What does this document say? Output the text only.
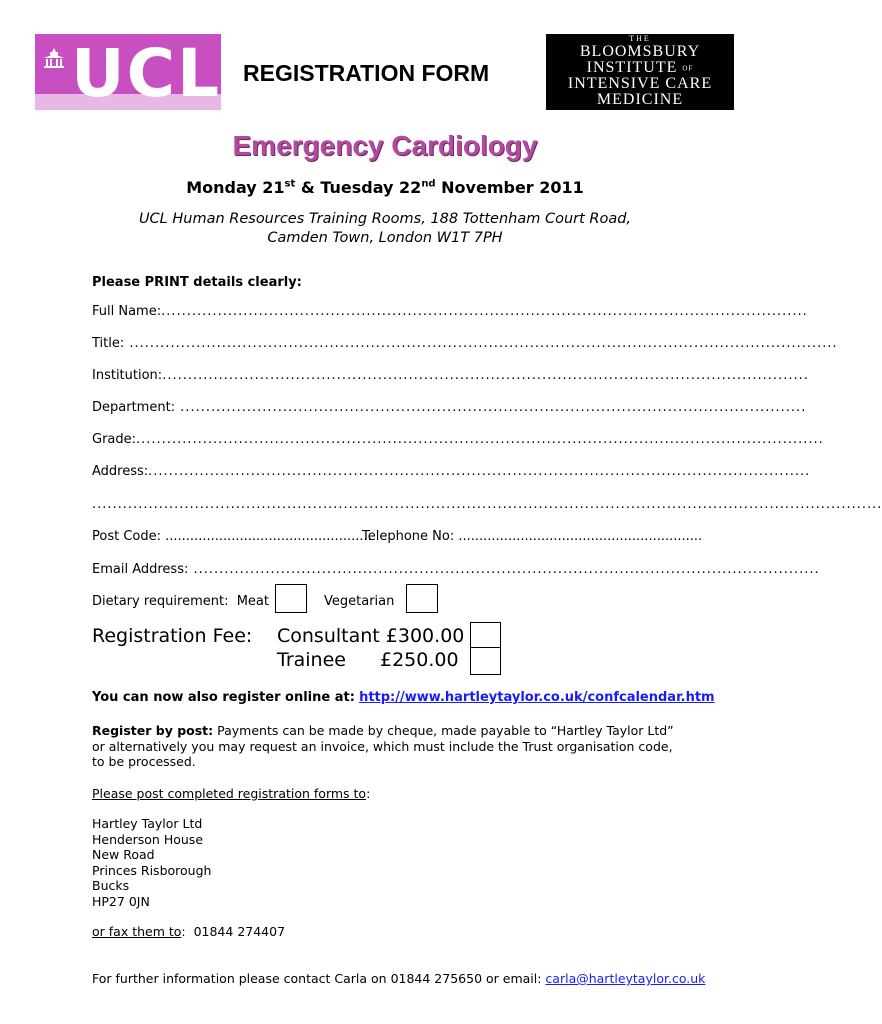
UCL REGISTRATION FORM
THE
BLOOMSBURY
INSTITUTE OF
INTENSIVE CARE
MEDICINE
Emergency Cardiology
Monday 21st & Tuesday 22nd November 2011
UCL Human Resources Training Rooms, 188 Tottenham Court Road,
Camden Town, London W1T 7PH
Please PRINT details clearly:
Full Name:..............................................................................................................................
Title: ..........................................................................................................................................
Institution:..............................................................................................................................
Department: ..........................................................................................................................
Grade:......................................................................................................................................
Address:.................................................................................................................................
..........................................................................................................................................................
Post Code: ..................................................
Telephone No: ...........................................................
Email Address: ..........................................................................................................................
Dietary requirement: Meat	Vegetarian
Registration Fee: Consultant £300.00
Trainee £250.00
You can now also register online at: http://www.hartleytaylor.co.uk/confcalendar.htm
Register by post: Payments can be made by cheque, made payable to “Hartley Taylor Ltd” or alternatively you may request an invoice, which must include the Trust organisation code, to be processed.
Please post completed registration forms to:
Hartley Taylor Ltd
Henderson House
New Road
Princes Risborough
Bucks
HP27 0JN
or fax them to:  01844 274407
For further information please contact Carla on 01844 275650 or email: carla@hartleytaylor.co.uk
